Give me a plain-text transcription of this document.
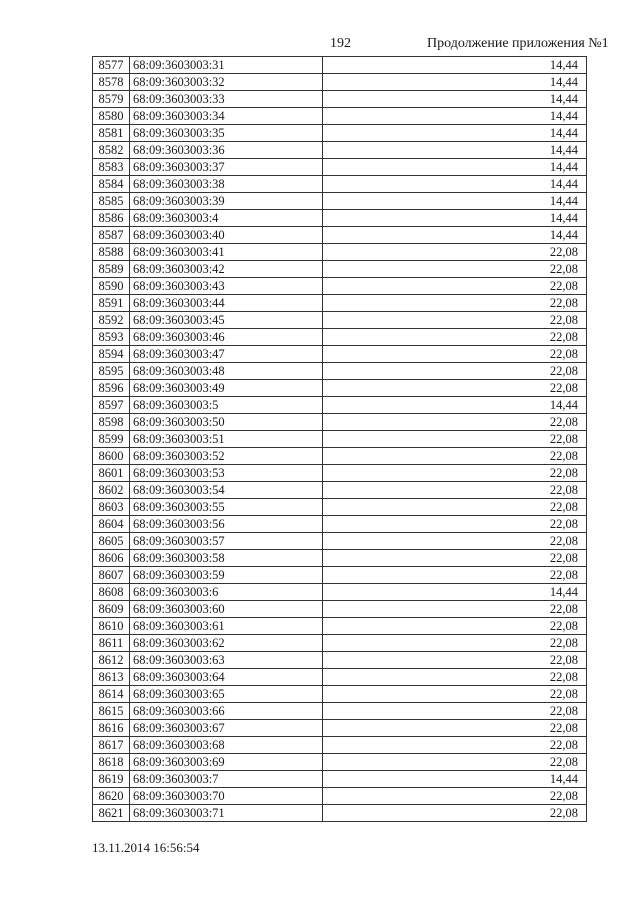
192	Продолжение приложения №1
8577	68:09:3603003:31	14,44
8578	68:09:3603003:32	14,44
8579	68:09:3603003:33	14,44
8580	68:09:3603003:34	14,44
8581	68:09:3603003:35	14,44
8582	68:09:3603003:36	14,44
8583	68:09:3603003:37	14,44
8584	68:09:3603003:38	14,44
8585	68:09:3603003:39	14,44
8586	68:09:3603003:4	14,44
8587	68:09:3603003:40	14,44
8588	68:09:3603003:41	22,08
8589	68:09:3603003:42	22,08
8590	68:09:3603003:43	22,08
8591	68:09:3603003:44	22,08
8592	68:09:3603003:45	22,08
8593	68:09:3603003:46	22,08
8594	68:09:3603003:47	22,08
8595	68:09:3603003:48	22,08
8596	68:09:3603003:49	22,08
8597	68:09:3603003:5	14,44
8598	68:09:3603003:50	22,08
8599	68:09:3603003:51	22,08
8600	68:09:3603003:52	22,08
8601	68:09:3603003:53	22,08
8602	68:09:3603003:54	22,08
8603	68:09:3603003:55	22,08
8604	68:09:3603003:56	22,08
8605	68:09:3603003:57	22,08
8606	68:09:3603003:58	22,08
8607	68:09:3603003:59	22,08
8608	68:09:3603003:6	14,44
8609	68:09:3603003:60	22,08
8610	68:09:3603003:61	22,08
8611	68:09:3603003:62	22,08
8612	68:09:3603003:63	22,08
8613	68:09:3603003:64	22,08
8614	68:09:3603003:65	22,08
8615	68:09:3603003:66	22,08
8616	68:09:3603003:67	22,08
8617	68:09:3603003:68	22,08
8618	68:09:3603003:69	22,08
8619	68:09:3603003:7	14,44
8620	68:09:3603003:70	22,08
8621	68:09:3603003:71	22,08
13.11.2014 16:56:54
